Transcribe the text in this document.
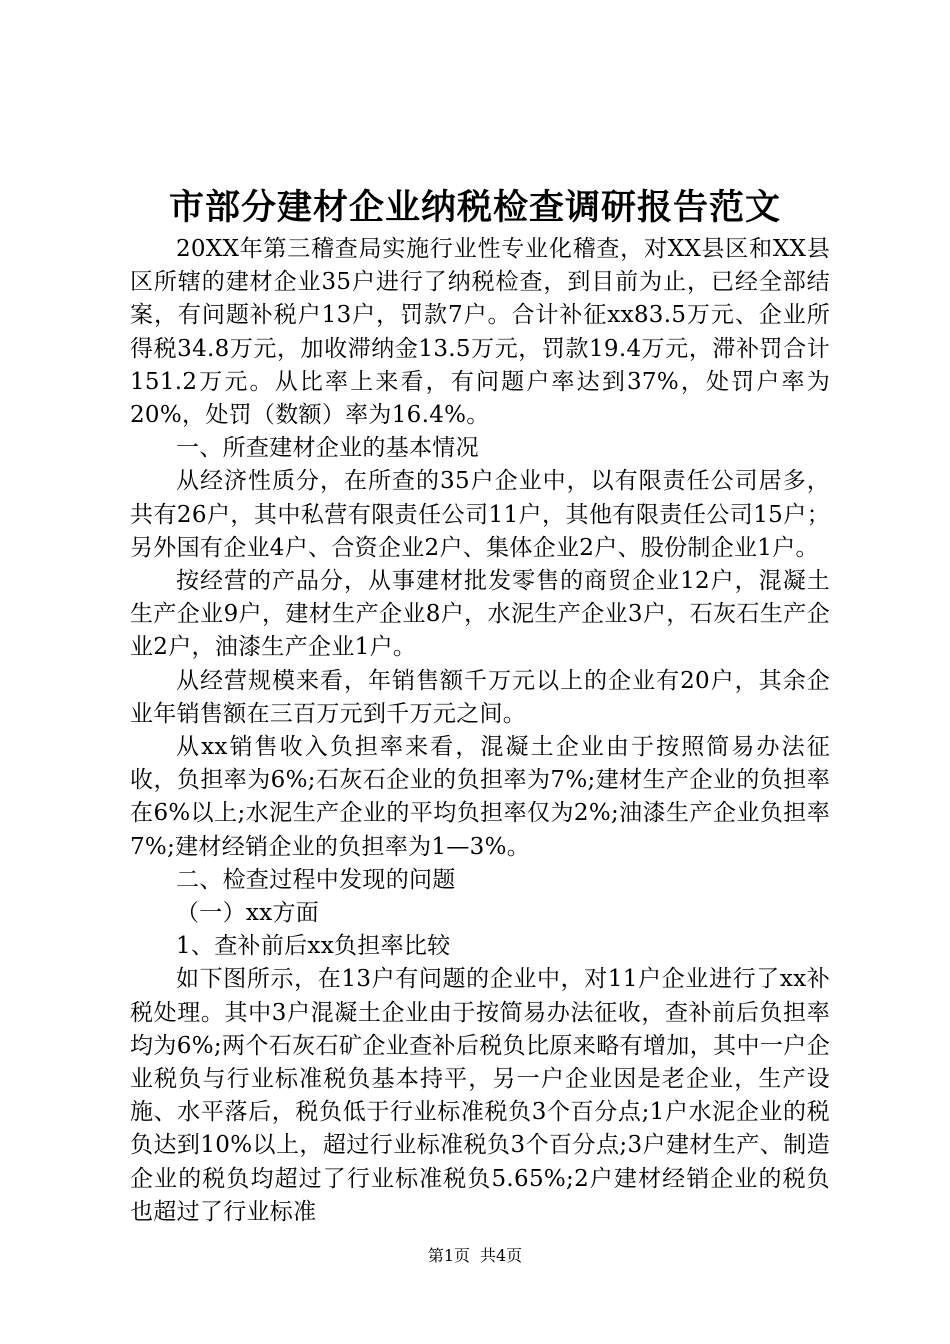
市部分建材企业纳税检查调研报告范文

20XX年第三稽查局实施行业性专业化稽查，对XX县区和XX县区所辖的建材企业35户进行了纳税检查，到目前为止，已经全部结案，有问题补税户13户，罚款7户。合计补征xx83.5万元、企业所得税34.8万元，加收滞纳金13.5万元，罚款19.4万元，滞补罚合计151.2万元。从比率上来看，有问题户率达到37%，处罚户率为20%，处罚（数额）率为16.4%。

一、所查建材企业的基本情况

从经济性质分，在所查的35户企业中，以有限责任公司居多，共有26户，其中私营有限责任公司11户，其他有限责任公司15户；另外国有企业4户、合资企业2户、集体企业2户、股份制企业1户。

按经营的产品分，从事建材批发零售的商贸企业12户，混凝土生产企业9户，建材生产企业8户，水泥生产企业3户，石灰石生产企业2户，油漆生产企业1户。

从经营规模来看，年销售额千万元以上的企业有20户，其余企业年销售额在三百万元到千万元之间。

从xx销售收入负担率来看，混凝土企业由于按照简易办法征收，负担率为6%;石灰石企业的负担率为7%;建材生产企业的负担率在6%以上;水泥生产企业的平均负担率仅为2%;油漆生产企业负担率7%;建材经销企业的负担率为1—3%。

二、检查过程中发现的问题

（一）xx方面

1、查补前后xx负担率比较

如下图所示，在13户有问题的企业中，对11户企业进行了xx补税处理。其中3户混凝土企业由于按简易办法征收，查补前后负担率均为6%;两个石灰石矿企业查补后税负比原来略有增加，其中一户企业税负与行业标准税负基本持平，另一户企业因是老企业，生产设施、水平落后，税负低于行业标准税负3个百分点;1户水泥企业的税负达到10%以上，超过行业标准税负3个百分点;3户建材生产、制造企业的税负均超过了行业标准税负5.65%;2户建材经销企业的税负也超过了行业标准

第1页 共4页
